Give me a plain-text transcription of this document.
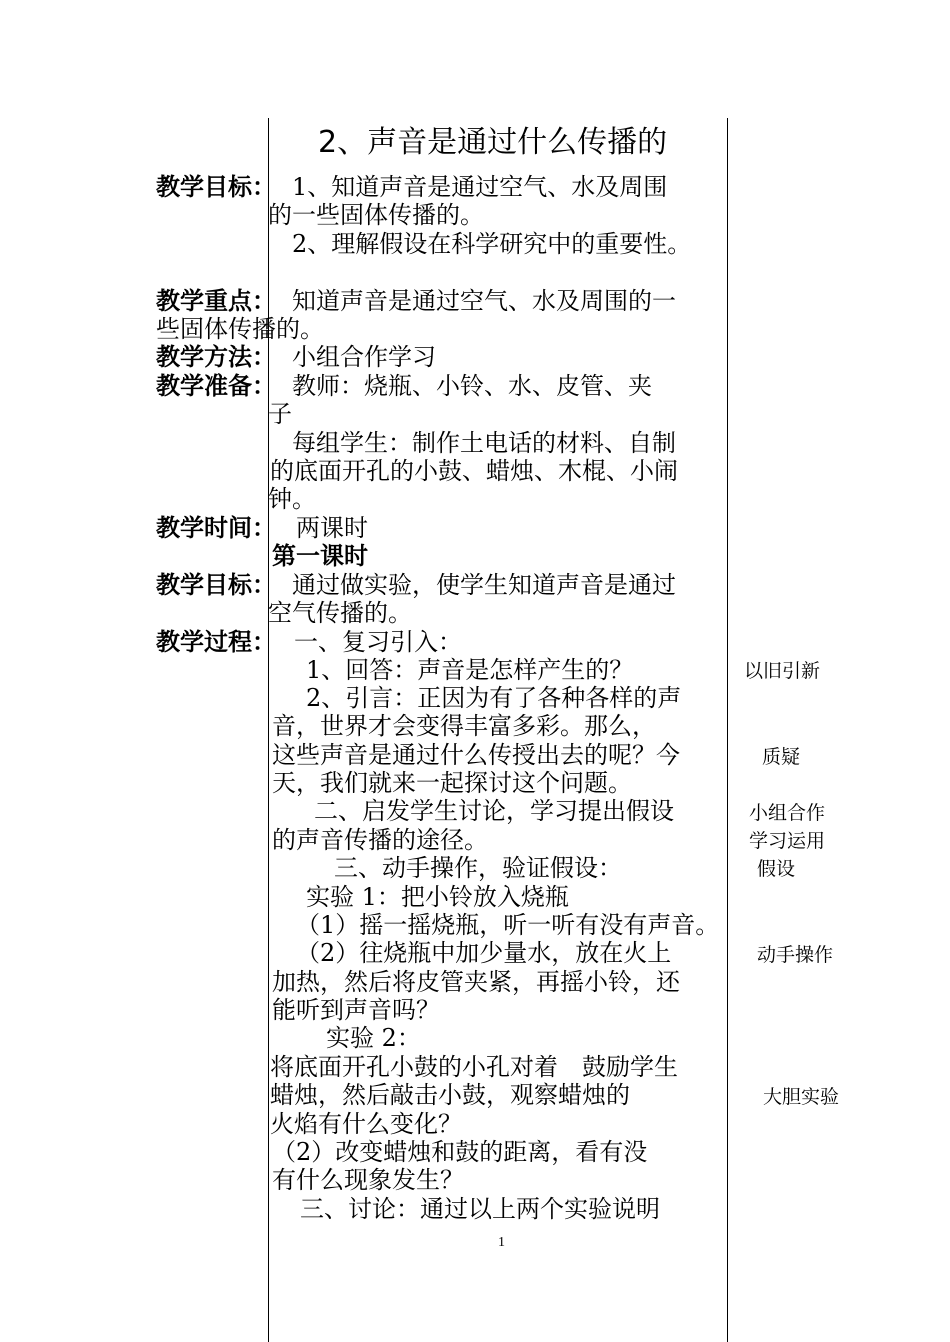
2、声音是通过什么传播的
教学目标：
教学重点：
教学方法：
教学准备：
教学时间：
教学目标：
教学过程：
1、知道声音是通过空气、水及周围
的一些固体传播的。
2、理解假设在科学研究中的重要性。
知道声音是通过空气、水及周围的一
些固体传播的。
小组合作学习
教师：烧瓶、小铃、水、皮管、夹
子
每组学生：制作土电话的材料、自制
的底面开孔的小鼓、蜡烛、木棍、小闹
钟。
两课时
第一课时
通过做实验，使学生知道声音是通过
空气传播的。
一、复习引入：
1、回答：声音是怎样产生的？
2、引言：正因为有了各种各样的声
音，世界才会变得丰富多彩。那么，
这些声音是通过什么传授出去的呢？今
天，我们就来一起探讨这个问题。
二、启发学生讨论，学习提出假设
的声音传播的途径。
三、动手操作，验证假设：
实验 1：把小铃放入烧瓶
（1）摇一摇烧瓶，听一听有没有声音。
（2）往烧瓶中加少量水，放在火上
加热，然后将皮管夹紧，再摇小铃，还
能听到声音吗？
实验 2：
将底面开孔小鼓的小孔对着　鼓励学生
蜡烛，然后敲击小鼓，观察蜡烛的
火焰有什么变化？
（2）改变蜡烛和鼓的距离，看有没
有什么现象发生？
三、讨论：通过以上两个实验说明
以旧引新
质疑
小组合作
学习运用
假设
动手操作
大胆实验
1
